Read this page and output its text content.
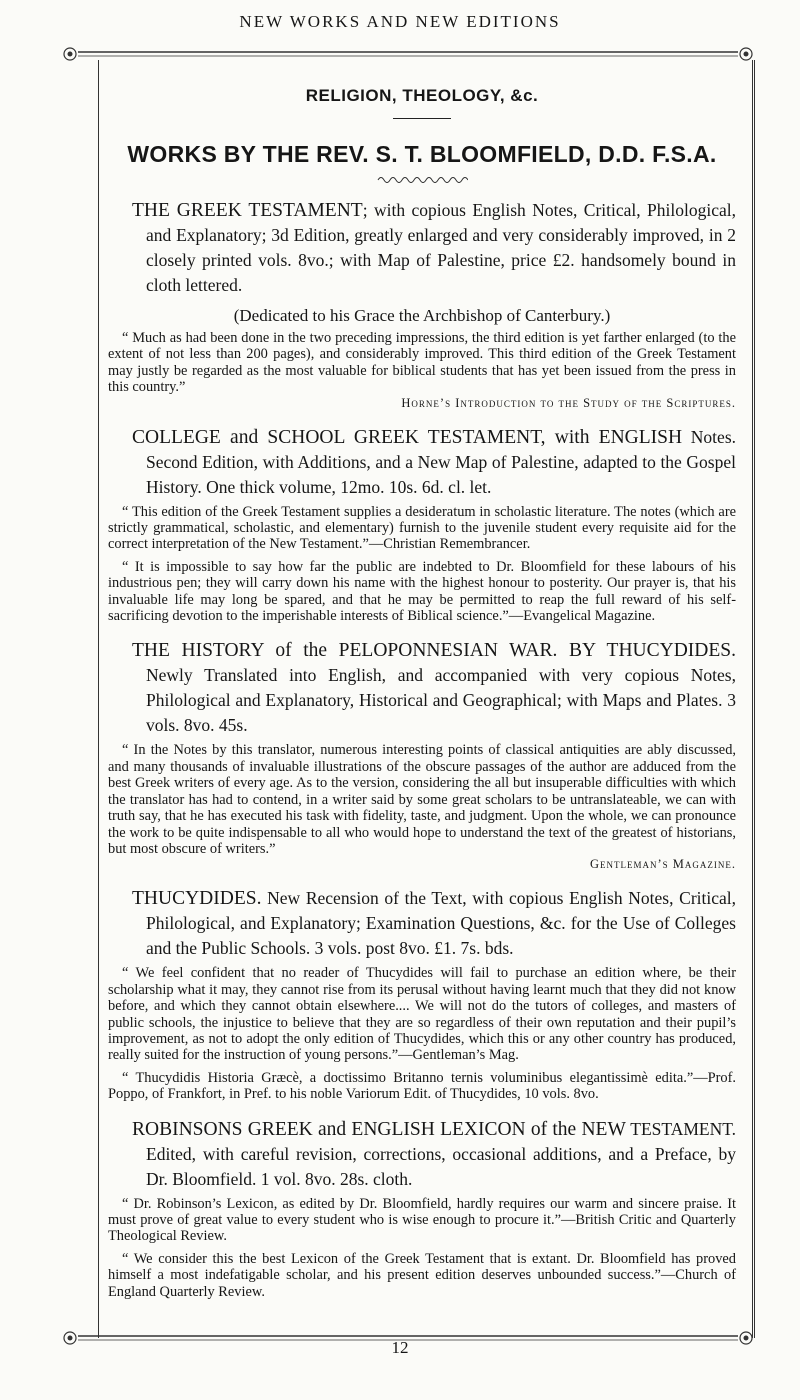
NEW WORKS AND NEW EDITIONS

RELIGION, THEOLOGY, &c.

WORKS BY THE REV. S. T. BLOOMFIELD, D.D. F.S.A.

THE GREEK TESTAMENT; with copious English Notes, Critical, Philological, and Explanatory; 3d Edition, greatly enlarged and very considerably improved, in 2 closely printed vols. 8vo.; with Map of Palestine, price £2. handsomely bound in cloth lettered.

(Dedicated to his Grace the Archbishop of Canterbury.)

“ Much as had been done in the two preceding impressions, the third edition is yet farther enlarged (to the extent of not less than 200 pages), and considerably improved. This third edition of the Greek Testament may justly be regarded as the most valuable for biblical students that has yet been issued from the press in this country.”

Horne’s Introduction to the Study of the Scriptures.

COLLEGE and SCHOOL GREEK TESTAMENT, with ENGLISH Notes. Second Edition, with Additions, and a New Map of Palestine, adapted to the Gospel History. One thick volume, 12mo. 10s. 6d. cl. let.

“ This edition of the Greek Testament supplies a desideratum in scholastic literature. The notes (which are strictly grammatical, scholastic, and elementary) furnish to the juvenile student every requisite aid for the correct interpretation of the New Testament.”—Christian Remembrancer.

“ It is impossible to say how far the public are indebted to Dr. Bloomfield for these labours of his industrious pen; they will carry down his name with the highest honour to posterity. Our prayer is, that his invaluable life may long be spared, and that he may be permitted to reap the full reward of his self-sacrificing devotion to the imperishable interests of Biblical science.”—Evangelical Magazine.

THE HISTORY of the PELOPONNESIAN WAR. BY THUCYDIDES. Newly Translated into English, and accompanied with very copious Notes, Philological and Explanatory, Historical and Geographical; with Maps and Plates. 3 vols. 8vo. 45s.

“ In the Notes by this translator, numerous interesting points of classical antiquities are ably discussed, and many thousands of invaluable illustrations of the obscure passages of the author are adduced from the best Greek writers of every age. As to the version, considering the all but insuperable difficulties with which the translator has had to contend, in a writer said by some great scholars to be untranslateable, we can with truth say, that he has executed his task with fidelity, taste, and judgment. Upon the whole, we can pronounce the work to be quite indispensable to all who would hope to understand the text of the greatest of historians, but most obscure of writers.”

Gentleman’s Magazine.

THUCYDIDES. New Recension of the Text, with copious English Notes, Critical, Philological, and Explanatory; Examination Questions, &c. for the Use of Colleges and the Public Schools. 3 vols. post 8vo. £1. 7s. bds.

“ We feel confident that no reader of Thucydides will fail to purchase an edition where, be their scholarship what it may, they cannot rise from its perusal without having learnt much that they did not know before, and which they cannot obtain elsewhere.... We will not do the tutors of colleges, and masters of public schools, the injustice to believe that they are so regardless of their own reputation and their pupil’s improvement, as not to adopt the only edition of Thucydides, which this or any other country has produced, really suited for the instruction of young persons.”—Gentleman’s Mag.

“ Thucydidis Historia Græcè, a doctissimo Britanno ternis voluminibus elegantissimè edita.”—Prof. Poppo, of Frankfort, in Pref. to his noble Variorum Edit. of Thucydides, 10 vols. 8vo.

ROBINSONS GREEK and ENGLISH LEXICON of the NEW TESTAMENT. Edited, with careful revision, corrections, occasional additions, and a Preface, by Dr. Bloomfield. 1 vol. 8vo. 28s. cloth.

“ Dr. Robinson’s Lexicon, as edited by Dr. Bloomfield, hardly requires our warm and sincere praise. It must prove of great value to every student who is wise enough to procure it.”—British Critic and Quarterly Theological Review.

“ We consider this the best Lexicon of the Greek Testament that is extant. Dr. Bloomfield has proved himself a most indefatigable scholar, and his present edition deserves unbounded success.”—Church of England Quarterly Review.

12
